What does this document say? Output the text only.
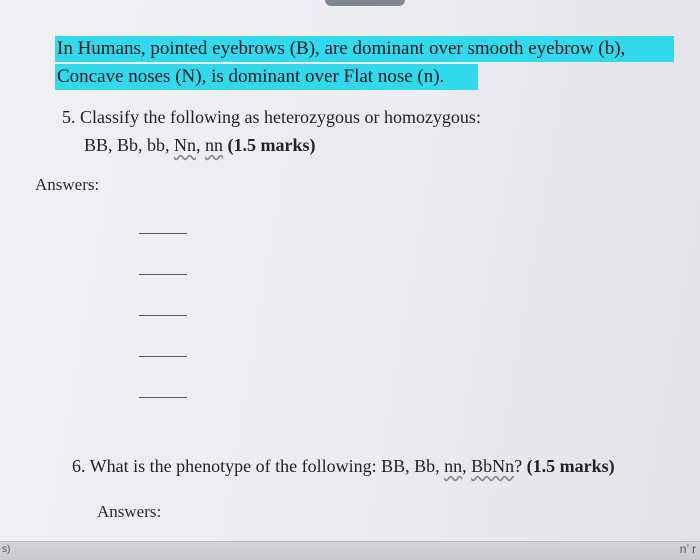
In Humans, pointed eyebrows (B), are dominant over smooth eyebrow (b),
Concave noses (N), is dominant over Flat nose (n).
5. Classify the following as heterozygous or homozygous:
BB, Bb, bb, Nn, nn (1.5 marks)
Answers:
6. What is the phenotype of the following: BB, Bb, nn, BbNn? (1.5 marks)
Answers:
s)	n’ r
